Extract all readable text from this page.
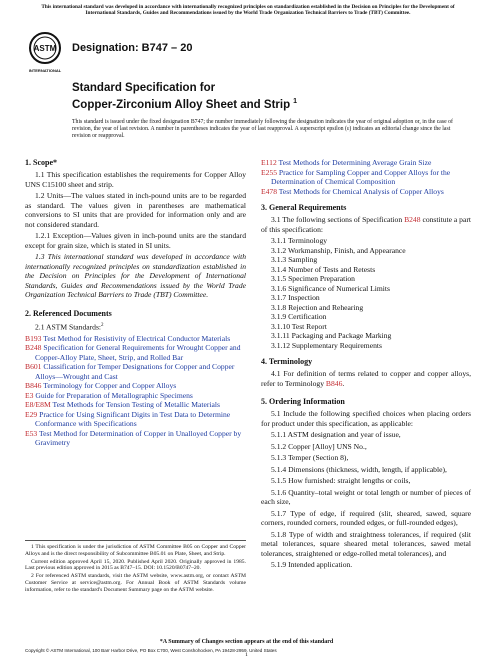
This international standard was developed in accordance with internationally recognized principles on standardization established in the Decision on Principles for the Development of International Standards, Guides and Recommendations issued by the World Trade Organization Technical Barriers to Trade (TBT) Committee.
ASTM
INTERNATIONAL
Designation: B747 – 20
Standard Specification for
Copper-Zirconium Alloy Sheet and Strip $^1$
This standard is issued under the fixed designation B747; the number immediately following the designation indicates the year of original adoption or, in the case of revision, the year of last revision. A number in parentheses indicates the year of last reapproval. A superscript epsilon (ε) indicates an editorial change since the last revision or reapproval.
1. Scope*

1.1 This specification establishes the requirements for Copper Alloy UNS C15100 sheet and strip.

1.2 Units—The values stated in inch-pound units are to be regarded as standard. The values given in parentheses are mathematical conversions to SI units that are provided for information only and are not considered standard.

1.2.1 Exception—Values given in inch-pound units are the standard except for grain size, which is stated in SI units.

1.3 This international standard was developed in accordance with internationally recognized principles on standardization established in the Decision on Principles for the Development of International Standards, Guides and Recommendations issued by the World Trade Organization Technical Barriers to Trade (TBT) Committee.

2. Referenced Documents

2.1 ASTM Standards:$^2$

B193 Test Method for Resistivity of Electrical Conductor Materials
B248 Specification for General Requirements for Wrought Copper and Copper-Alloy Plate, Sheet, Strip, and Rolled Bar
B601 Classification for Temper Designations for Copper and Copper Alloys—Wrought and Cast
B846 Terminology for Copper and Copper Alloys
E3 Guide for Preparation of Metallographic Specimens
E8/E8M Test Methods for Tension Testing of Metallic Materials
E29 Practice for Using Significant Digits in Test Data to Determine Conformance with Specifications
E53 Test Method for Determination of Copper in Unalloyed Copper by Gravimetry
E112 Test Methods for Determining Average Grain Size
E255 Practice for Sampling Copper and Copper Alloys for the Determination of Chemical Composition
E478 Test Methods for Chemical Analysis of Copper Alloys
3. General Requirements

3.1 The following sections of Specification B248 constitute a part of this specification:

3.1.1 Terminology
3.1.2 Workmanship, Finish, and Appearance
3.1.3 Sampling
3.1.4 Number of Tests and Retests
3.1.5 Specimen Preparation
3.1.6 Significance of Numerical Limits
3.1.7 Inspection
3.1.8 Rejection and Rehearing
3.1.9 Certification
3.1.10 Test Report
3.1.11 Packaging and Package Marking
3.1.12 Supplementary Requirements
4. Terminology

4.1 For definition of terms related to copper and copper alloys, refer to Terminology B846.

5. Ordering Information

5.1 Include the following specified choices when placing orders for product under this specification, as applicable:

5.1.1 ASTM designation and year of issue,

5.1.2 Copper [Alloy] UNS No.,

5.1.3 Temper (Section 8),

5.1.4 Dimensions (thickness, width, length, if applicable),

5.1.5 How furnished: straight lengths or coils,

5.1.6 Quantity–total weight or total length or number of pieces of each size,

5.1.7 Type of edge, if required (slit, sheared, sawed, square corners, rounded corners, rounded edges, or full-rounded edges),

5.1.8 Type of width and straightness tolerances, if required (slit metal tolerances, square sheared metal tolerances, sawed metal tolerances, straightened or edge-rolled metal tolerances), and

5.1.9 Intended application.

1 This specification is under the jurisdiction of ASTM Committee B05 on Copper and Copper Alloys and is the direct responsibility of Subcommittee B05.01 on Plate, Sheet, and Strip.

Current edition approved April 15, 2020. Published April 2020. Originally approved in 1985. Last previous edition approved in 2015 as B747–15. DOI: 10.1520/B0747–20.

2 For referenced ASTM standards, visit the ASTM website, www.astm.org, or contact ASTM Customer Service at service@astm.org. For Annual Book of ASTM Standards volume information, refer to the standard's Document Summary page on the ASTM website.

*A Summary of Changes section appears at the end of this standard
Copyright © ASTM International, 100 Barr Harbor Drive, PO Box C700, West Conshohocken, PA 19428-2959. United States
1
